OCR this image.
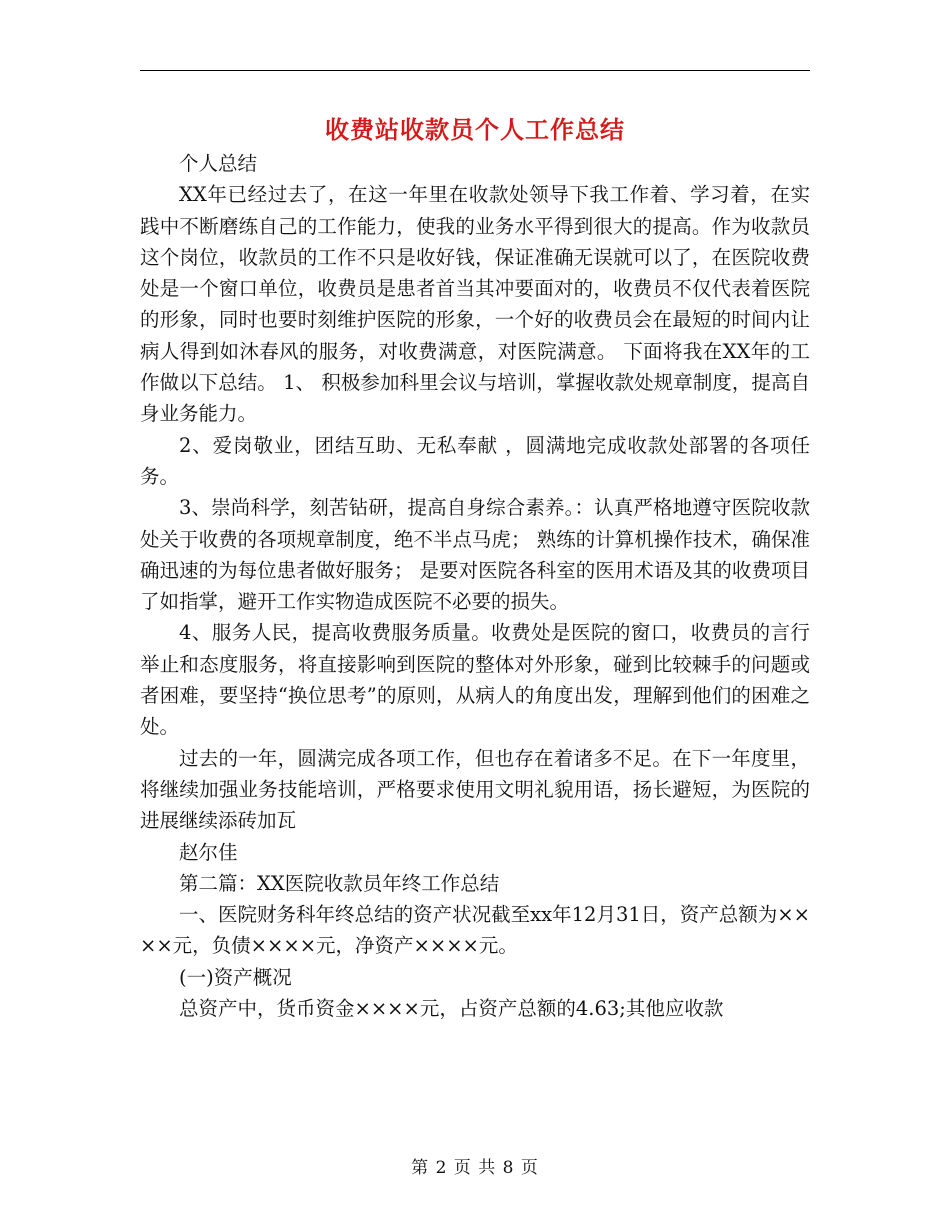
收费站收款员个人工作总结

个人总结

XX年已经过去了，在这一年里在收款处领导下我工作着、学习着，在实践中不断磨练自己的工作能力，使我的业务水平得到很大的提高。作为收款员这个岗位，收款员的工作不只是收好钱，保证准确无误就可以了，在医院收费处是一个窗口单位，收费员是患者首当其冲要面对的，收费员不仅代表着医院的形象，同时也要时刻维护医院的形象，一个好的收费员会在最短的时间内让病人得到如沐春风的服务，对收费满意，对医院满意。 下面将我在XX年的工作做以下总结。 1、 积极参加科里会议与培训，掌握收款处规章制度，提高自身业务能力。

2、爱岗敬业，团结互助、无私奉献 ，圆满地完成收款处部署的各项任务。

3、崇尚科学，刻苦钻研，提高自身综合素养。：认真严格地遵守医院收款处关于收费的各项规章制度，绝不半点马虎； 熟练的计算机操作技术，确保准确迅速的为每位患者做好服务； 是要对医院各科室的医用术语及其的收费项目了如指掌，避开工作实物造成医院不必要的损失。

4、服务人民，提高收费服务质量。收费处是医院的窗口，收费员的言行举止和态度服务，将直接影响到医院的整体对外形象，碰到比较棘手的问题或者困难，要坚持“换位思考”的原则，从病人的角度出发，理解到他们的困难之处。

过去的一年，圆满完成各项工作，但也存在着诸多不足。在下一年度里，将继续加强业务技能培训，严格要求使用文明礼貌用语，扬长避短，为医院的进展继续添砖加瓦

赵尔佳

第二篇：XX医院收款员年终工作总结

一、医院财务科年终总结的资产状况截至xx年12月31日，资产总额为××××元，负债××××元，净资产××××元。

(一)资产概况

总资产中，货币资金××××元，占资产总额的4.63;其他应收款

第 2 页 共 8 页
